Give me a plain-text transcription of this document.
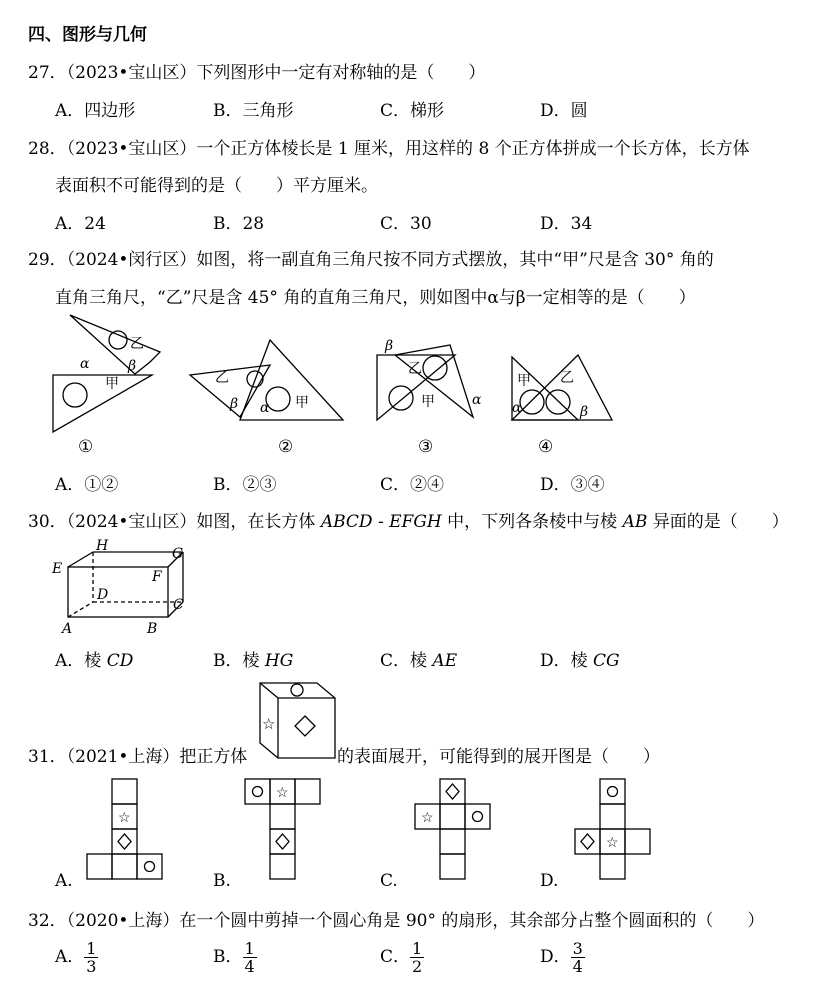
四、图形与几何
27．（2023•宝山区）下列图形中一定有对称轴的是（　　）
A．四边形	B．三角形	C．梯形	D．圆
28．（2023•宝山区）一个正方体棱长是 1 厘米，用这样的 8 个正方体拼成一个长方体，长方体
表面积不可能得到的是（　　）平方厘米。
A．24	B．28	C．30	D．34
29．（2024•闵行区）如图，将一副直角三角尺按不同方式摆放，其中“甲”尺是含 30° 角的
直角三角尺，“乙”尺是含 45° 角的直角三角尺，则如图中α与β一定相等的是（　　）
甲
乙
α	β
甲
乙
α
β	甲
乙
α
β
甲 乙
α	β
①	②	③	④
A．①②	B．②③	C．②④	D．③④
30．（2024•宝山区）如图，在长方体 ABCD - EFGH 中，下列各条棱中与棱 AB 异面的是（　　）
A	B
C
D
E	F
G
H
A．棱 CD	B．棱 HG	C．棱 AE	D．棱 CG
31．（2021•上海）把正方体
☆
的表面展开，可能得到的展开图是（　　）
☆
☆
☆
☆
A.	B.	C.	D.
32．（2020•上海）在一个圆中剪掉一个圆心角是 90° 的扇形，其余部分占整个圆面积的（　　）
A． $\frac{1}{3}$	B． $\frac{1}{4}$	C． $\frac{1}{2}$	D． $\frac{3}{4}$
